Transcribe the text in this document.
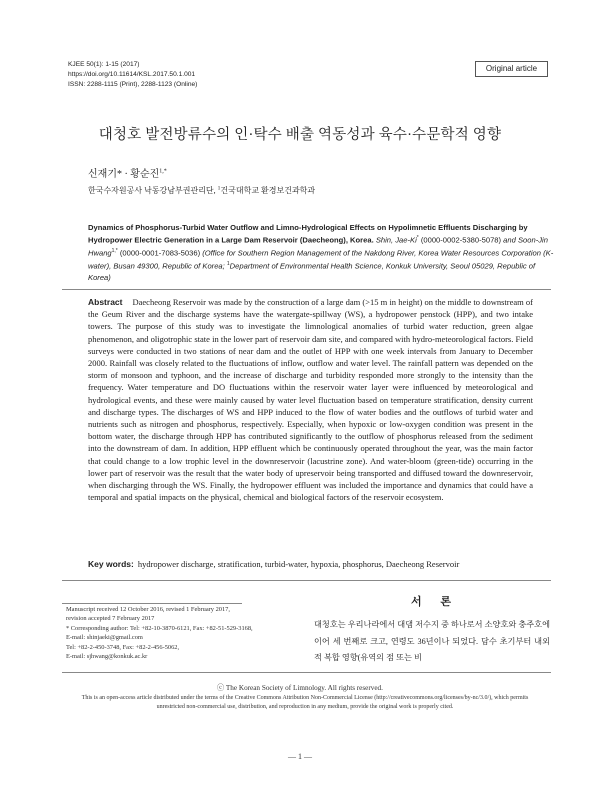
KJEE 50(1): 1-15 (2017)
https://doi.org/10.11614/KSL.2017.50.1.001
ISSN: 2288-1115 (Print), 2288-1123 (Online)
Original article
대청호 발전방류수의 인·탁수 배출 역동성과 육수·수문학적 영향
신재기* · 황순진$^{1,*}$
한국수자원공사 낙동강남부권관리단, $^1$건국대학교 환경보건과학과
Dynamics of Phosphorus-Turbid Water Outflow and Limno-Hydrological Effects on Hypolimnetic Effluents Discharging by Hydropower Electric Generation in a Large Dam Reservoir (Daecheong), Korea. Shin, Jae-Ki* (0000-0002-5380-5078) and Soon-Jin Hwang$^{1,*}$ (0000-0001-7083-5036) (Office for Southern Region Management of the Nakdong River, Korea Water Resources Corporation (K-water), Busan 49300, Republic of Korea; $^1$Department of Environmental Health Science, Konkuk University, Seoul 05029, Republic of Korea)
Abstract Daecheong Reservoir was made by the construction of a large dam (>15 m in height) on the middle to downstream of the Geum River and the discharge systems have the watergate-spillway (WS), a hydropower penstock (HPP), and two intake towers. The purpose of this study was to investigate the limnological anomalies of turbid water reduction, green algae phenomenon, and oligotrophic state in the lower part of reservoir dam site, and compared with hydro-meteorological factors. Field surveys were conducted in two stations of near dam and the outlet of HPP with one week intervals from January to December 2000. Rainfall was closely related to the fluctuations of inflow, outflow and water level. The rainfall pattern was depended on the storm of monsoon and typhoon, and the increase of discharge and turbidity responded more strongly to the intensity than the frequency. Water temperature and DO fluctuations within the reservoir water layer were influenced by meteorological and hydrological events, and these were mainly caused by water level fluctuation based on temperature stratification, density current and discharge types. The discharges of WS and HPP induced to the flow of water bodies and the outflows of turbid water and nutrients such as nitrogen and phosphorus, respectively. Especially, when hypoxic or low-oxygen condition was present in the bottom water, the discharge through HPP has contributed significantly to the outflow of phosphorus released from the sediment into the downstream of dam. In addition, HPP effluent which be continuously operated throughout the year, was the main factor that could change to a low trophic level in the downreservoir (lacustrine zone). And water-bloom (green-tide) occurring in the lower part of reservoir was the result that the water body of upreservoir being transported and diffused toward the downreservoir, when discharging through the WS. Finally, the hydropower effluent was included the importance and dynamics that could have a temporal and spatial impacts on the physical, chemical and biological factors of the reservoir ecosystem.
Key words: hydropower discharge, stratification, turbid-water, hypoxia, phosphorus, Daecheong Reservoir
Manuscript received 12 October 2016, revised 1 February 2017,
revision accepted 7 February 2017
* Corresponding author: Tel: +82-10-3870-6121, Fax: +82-51-529-3168,
E-mail: shinjaeki@gmail.com
Tel: +82-2-450-3748, Fax: +82-2-456-5062,
E-mail: sjhwang@konkuk.ac.kr
서 론
대청호는 우리나라에서 대댐 저수지 중 하나로서 소양호와 충주호에 이어 세 번째로 크고, 연령도 36년이나 되었다. 담수 초기부터 내외적 복합 영향(유역의 점 또는 비
ⓒ The Korean Society of Limnology. All rights reserved.
This is an open-access article distributed under the terms of the Creative Commons Attribution Non-Commercial License (http://creativecommons.org/licenses/by-nc/3.0/), which permits unrestricted non-commercial use, distribution, and reproduction in any medium, provide the original work is properly cited.
— 1 —
